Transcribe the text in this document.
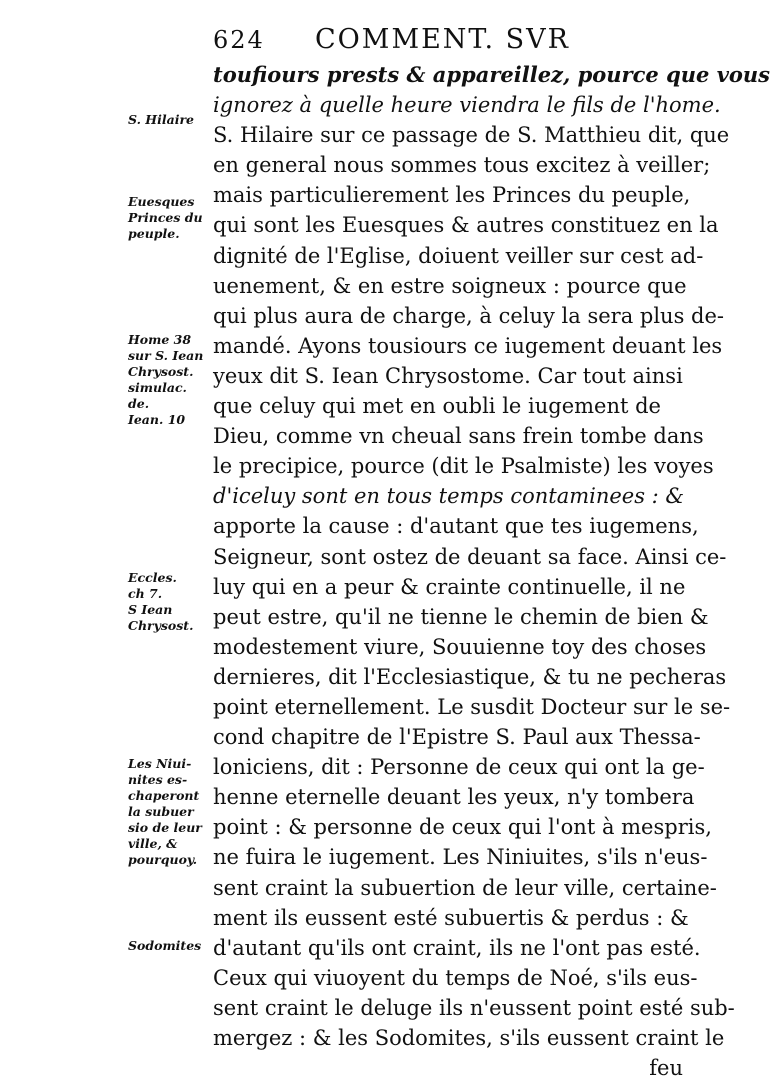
624 COMMENT. SVR
S. Hilaire
Euesques
Princes du
peuple.
Home 38
sur S. Iean
Chrysost.
simulac.
de.
Iean. 10
Eccles.
ch 7.
S Iean
Chrysost.
Les Niui-
nites es-
chaperont
la subuer
sio de leur
ville, &
pourquoy.
Sodomites
toufiours prests & appareillez, pource que vous
ignorez à quelle heure viendra le fils de l'home.
S. Hilaire sur ce passage de S. Matthieu dit, que
en general nous sommes tous excitez à veiller;
mais particulierement les Princes du peuple,
qui sont les Euesques & autres constituez en la
dignité de l'Eglise, doiuent veiller sur cest ad-
uenement, & en estre soigneux : pource que
qui plus aura de charge, à celuy la sera plus de-
mandé. Ayons tousiours ce iugement deuant les
yeux dit S. Iean Chrysostome. Car tout ainsi
que celuy qui met en oubli le iugement de
Dieu, comme vn cheual sans frein tombe dans
le precipice, pource (dit le Psalmiste) les voyes
d'iceluy sont en tous temps contaminees : &
apporte la cause : d'autant que tes iugemens,
Seigneur, sont ostez de deuant sa face. Ainsi ce-
luy qui en a peur & crainte continuelle, il ne
peut estre, qu'il ne tienne le chemin de bien &
modestement viure, Souuienne toy des choses
dernieres, dit l'Ecclesiastique, & tu ne pecheras
point eternellement. Le susdit Docteur sur le se-
cond chapitre de l'Epistre S. Paul aux Thessa-
loniciens, dit : Personne de ceux qui ont la ge-
henne eternelle deuant les yeux, n'y tombera
point : & personne de ceux qui l'ont à mespris,
ne fuira le iugement. Les Niniuites, s'ils n'eus-
sent craint la subuertion de leur ville, certaine-
ment ils eussent esté subuertis & perdus : &
d'autant qu'ils ont craint, ils ne l'ont pas esté.
Ceux qui viuoyent du temps de Noé, s'ils eus-
sent craint le deluge ils n'eussent point esté sub-
mergez : & les Sodomites, s'ils eussent craint le
feu
